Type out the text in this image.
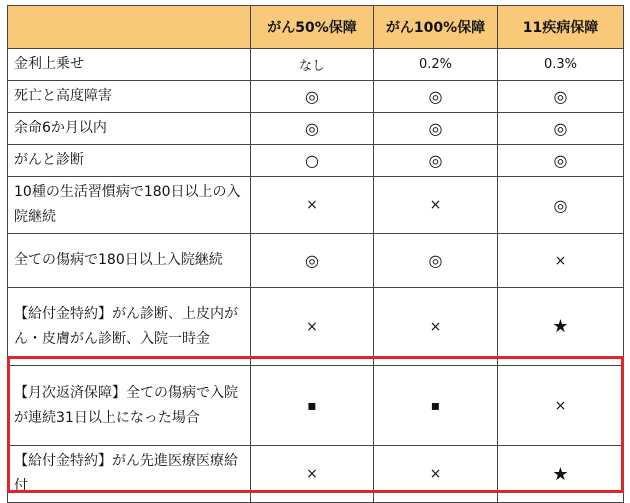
	がん50%保障	がん100%保障	11疾病保障
金利上乗せ	なし	0.2%	0.3%
死亡と高度障害	◎	◎	◎
余命6か月以内	◎	◎	◎
がんと診断	○	◎	◎
10種の生活習慣病で180日以上の入院継続	×	×	◎
全ての傷病で180日以上入院継続	◎	◎	×
【給付金特約】がん診断、上皮内がん・皮膚がん診断、入院一時金	×	×	★
【月次返済保障】全ての傷病で入院が連続31日以上になった場合	▪	▪	×
【給付金特約】がん先進医療医療給付	×	×	★
